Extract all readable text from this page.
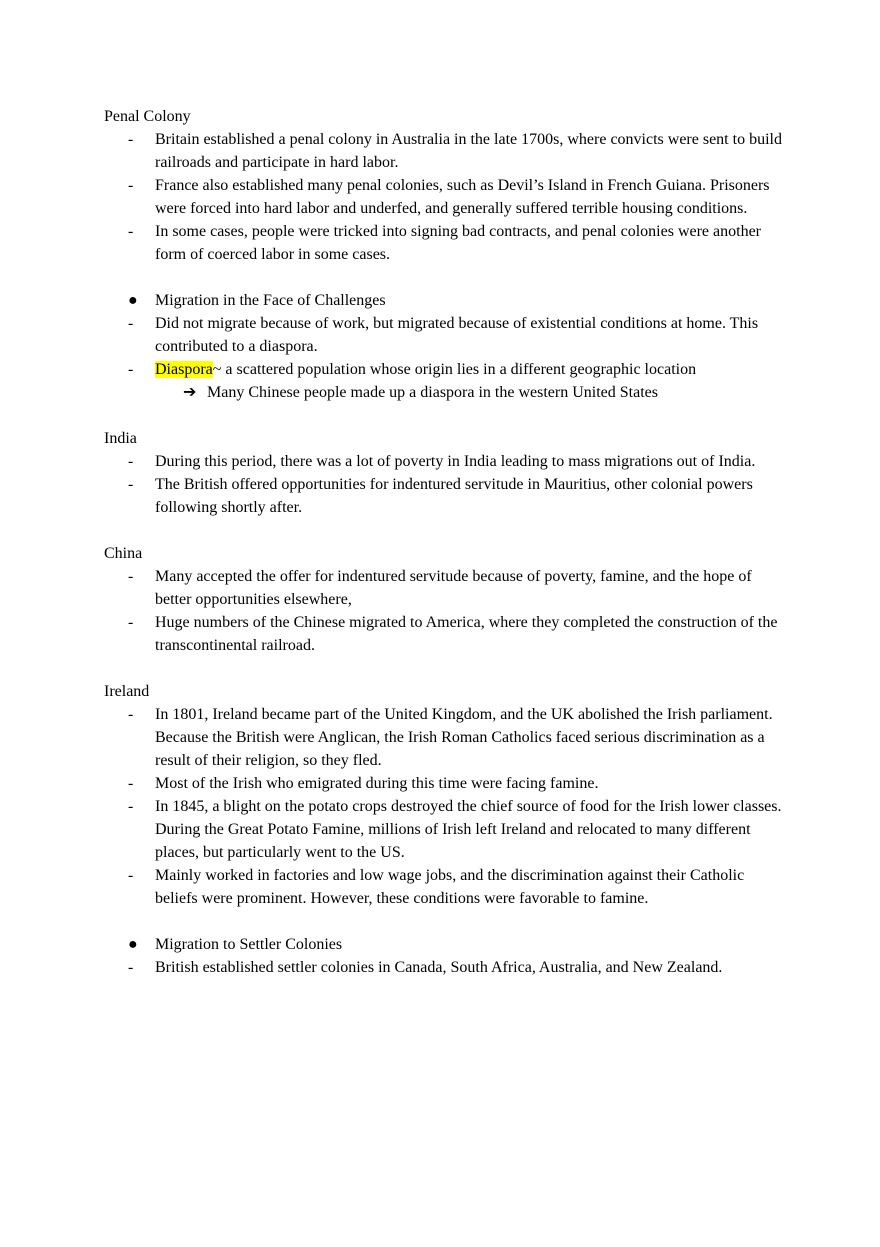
Penal Colony
-	Britain established a penal colony in Australia in the late 1700s, where convicts were sent to build railroads and participate in hard labor.
-	France also established many penal colonies, such as Devil’s Island in French Guiana. Prisoners were forced into hard labor and underfed, and generally suffered terrible housing conditions.
-	In some cases, people were tricked into signing bad contracts, and penal colonies were another form of coerced labor in some cases.
● Migration in the Face of Challenges
-	Did not migrate because of work, but migrated because of existential conditions at home. This contributed to a diaspora.
-	Diaspora~ a scattered population whose origin lies in a different geographic location
➔ Many Chinese people made up a diaspora in the western United States
India
-	During this period, there was a lot of poverty in India leading to mass migrations out of India.
-	The British offered opportunities for indentured servitude in Mauritius, other colonial powers following shortly after.
China
-	Many accepted the offer for indentured servitude because of poverty, famine, and the hope of better opportunities elsewhere,
-	Huge numbers of the Chinese migrated to America, where they completed the construction of the transcontinental railroad.
Ireland
-	In 1801, Ireland became part of the United Kingdom, and the UK abolished the Irish parliament. Because the British were Anglican, the Irish Roman Catholics faced serious discrimination as a result of their religion, so they fled.
-	Most of the Irish who emigrated during this time were facing famine.
-	In 1845, a blight on the potato crops destroyed the chief source of food for the Irish lower classes. During the Great Potato Famine, millions of Irish left Ireland and relocated to many different places, but particularly went to the US.
-	Mainly worked in factories and low wage jobs, and the discrimination against their Catholic beliefs were prominent. However, these conditions were favorable to famine.
● Migration to Settler Colonies
-	British established settler colonies in Canada, South Africa, Australia, and New Zealand.
